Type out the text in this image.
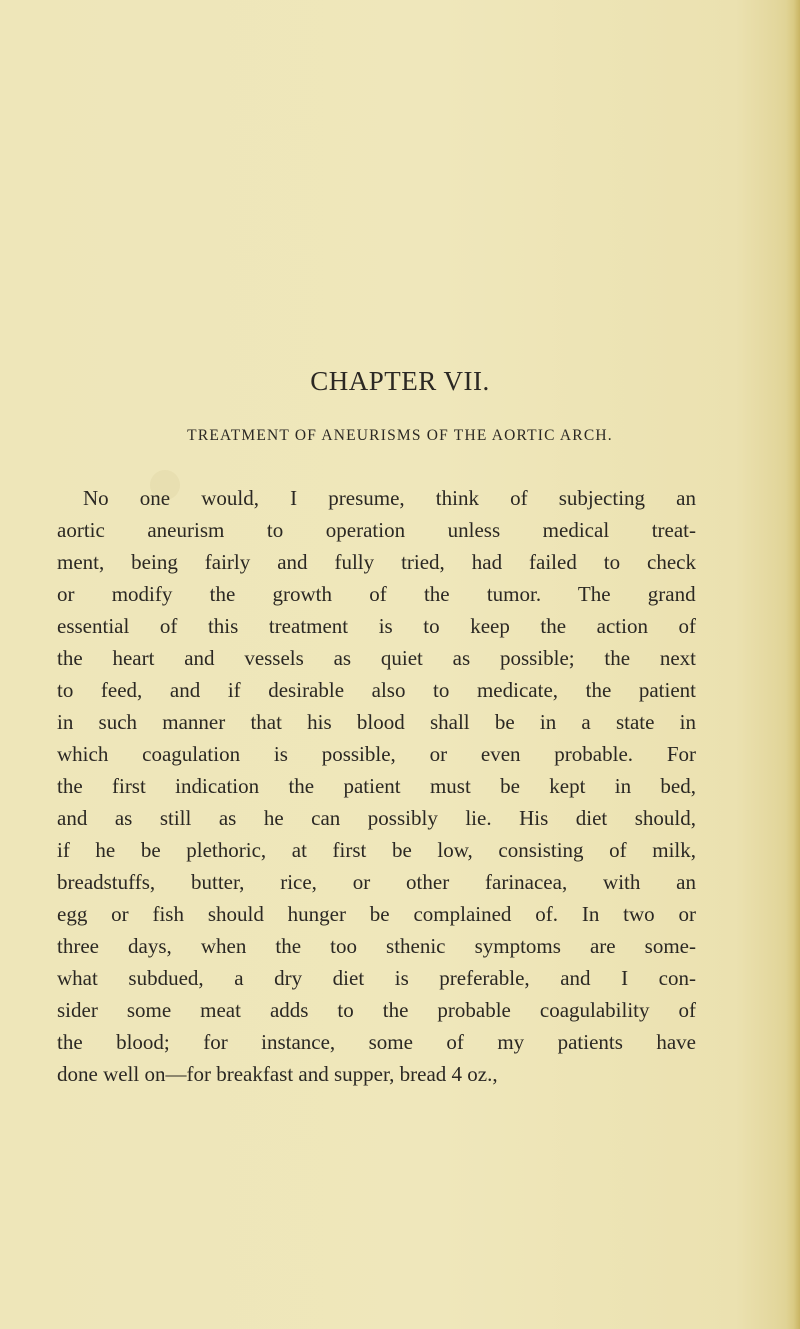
CHAPTER VII.
TREATMENT OF ANEURISMS OF THE AORTIC ARCH.
No one would, I presume, think of subjecting an
aortic aneurism to operation unless medical treat-
ment, being fairly and fully tried, had failed to check
or modify the growth of the tumor. The grand
essential of this treatment is to keep the action of
the heart and vessels as quiet as possible; the next
to feed, and if desirable also to medicate, the patient
in such manner that his blood shall be in a state in
which coagulation is possible, or even probable. For
the first indication the patient must be kept in bed,
and as still as he can possibly lie. His diet should,
if he be plethoric, at first be low, consisting of milk,
breadstuffs, butter, rice, or other farinacea, with an
egg or fish should hunger be complained of. In two or
three days, when the too sthenic symptoms are some-
what subdued, a dry diet is preferable, and I con-
sider some meat adds to the probable coagulability of
the blood; for instance, some of my patients have
done well on—for breakfast and supper, bread 4 oz.,
